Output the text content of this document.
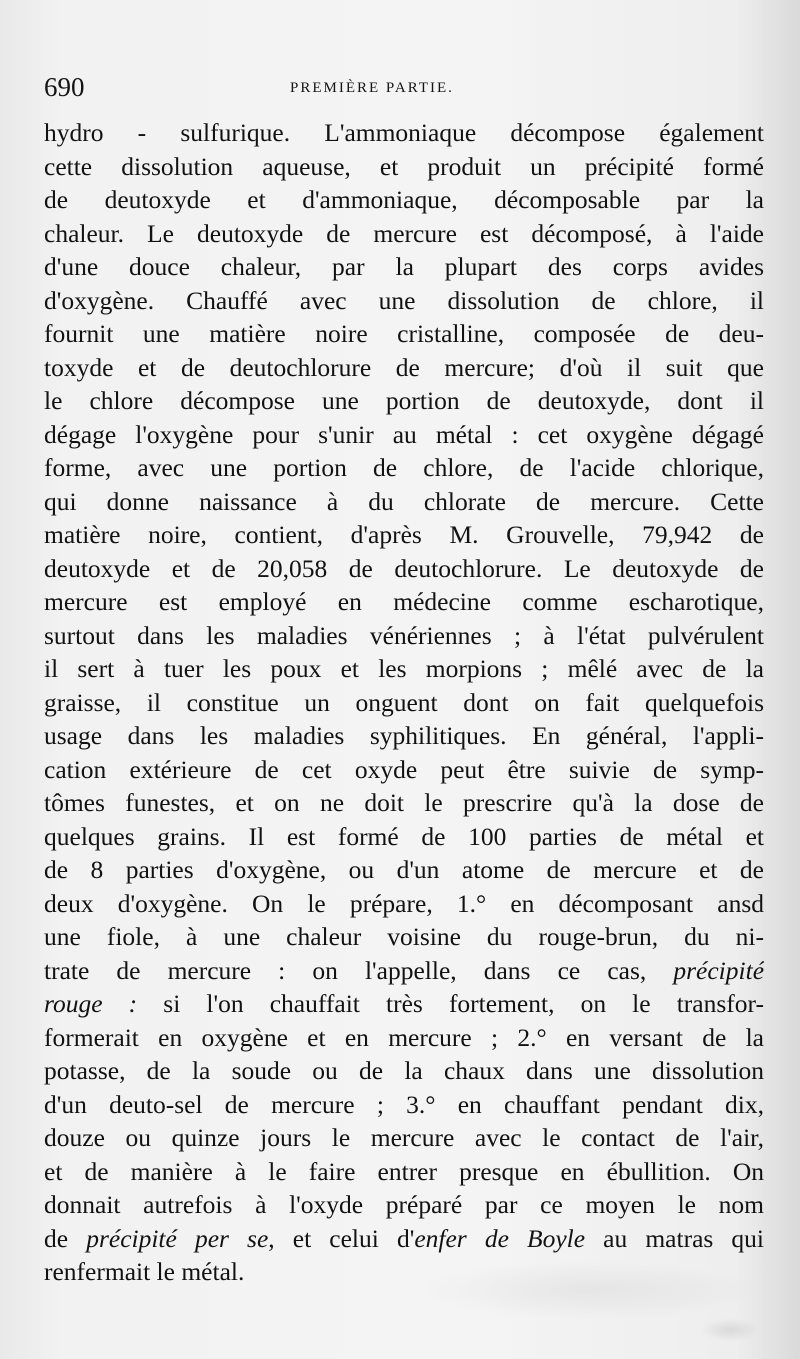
690	PREMIÈRE PARTIE.
hydro - sulfurique. L'ammoniaque décompose également
cette dissolution aqueuse, et produit un précipité formé
de deutoxyde et d'ammoniaque, décomposable par la
chaleur. Le deutoxyde de mercure est décomposé, à l'aide
d'une douce chaleur, par la plupart des corps avides
d'oxygène. Chauffé avec une dissolution de chlore, il
fournit une matière noire cristalline, composée de deu-
toxyde et de deutochlorure de mercure; d'où il suit que
le chlore décompose une portion de deutoxyde, dont il
dégage l'oxygène pour s'unir au métal : cet oxygène dégagé
forme, avec une portion de chlore, de l'acide chlorique,
qui donne naissance à du chlorate de mercure. Cette
matière noire, contient, d'après M. Grouvelle, 79,942 de
deutoxyde et de 20,058 de deutochlorure. Le deutoxyde de
mercure est employé en médecine comme escharotique,
surtout dans les maladies vénériennes ; à l'état pulvérulent
il sert à tuer les poux et les morpions ; mêlé avec de la
graisse, il constitue un onguent dont on fait quelquefois
usage dans les maladies syphilitiques. En général, l'appli-
cation extérieure de cet oxyde peut être suivie de symp-
tômes funestes, et on ne doit le prescrire qu'à la dose de
quelques grains. Il est formé de 100 parties de métal et
de 8 parties d'oxygène, ou d'un atome de mercure et de
deux d'oxygène. On le prépare, 1.° en décomposant ansd
une fiole, à une chaleur voisine du rouge-brun, du ni-
trate de mercure : on l'appelle, dans ce cas, précipité
rouge : si l'on chauffait très fortement, on le transfor-
formerait en oxygène et en mercure ; 2.° en versant de la
potasse, de la soude ou de la chaux dans une dissolution
d'un deuto-sel de mercure ; 3.° en chauffant pendant dix,
douze ou quinze jours le mercure avec le contact de l'air,
et de manière à le faire entrer presque en ébullition. On
donnait autrefois à l'oxyde préparé par ce moyen le nom
de précipité per se, et celui d'enfer de Boyle au matras qui
renfermait le métal.
